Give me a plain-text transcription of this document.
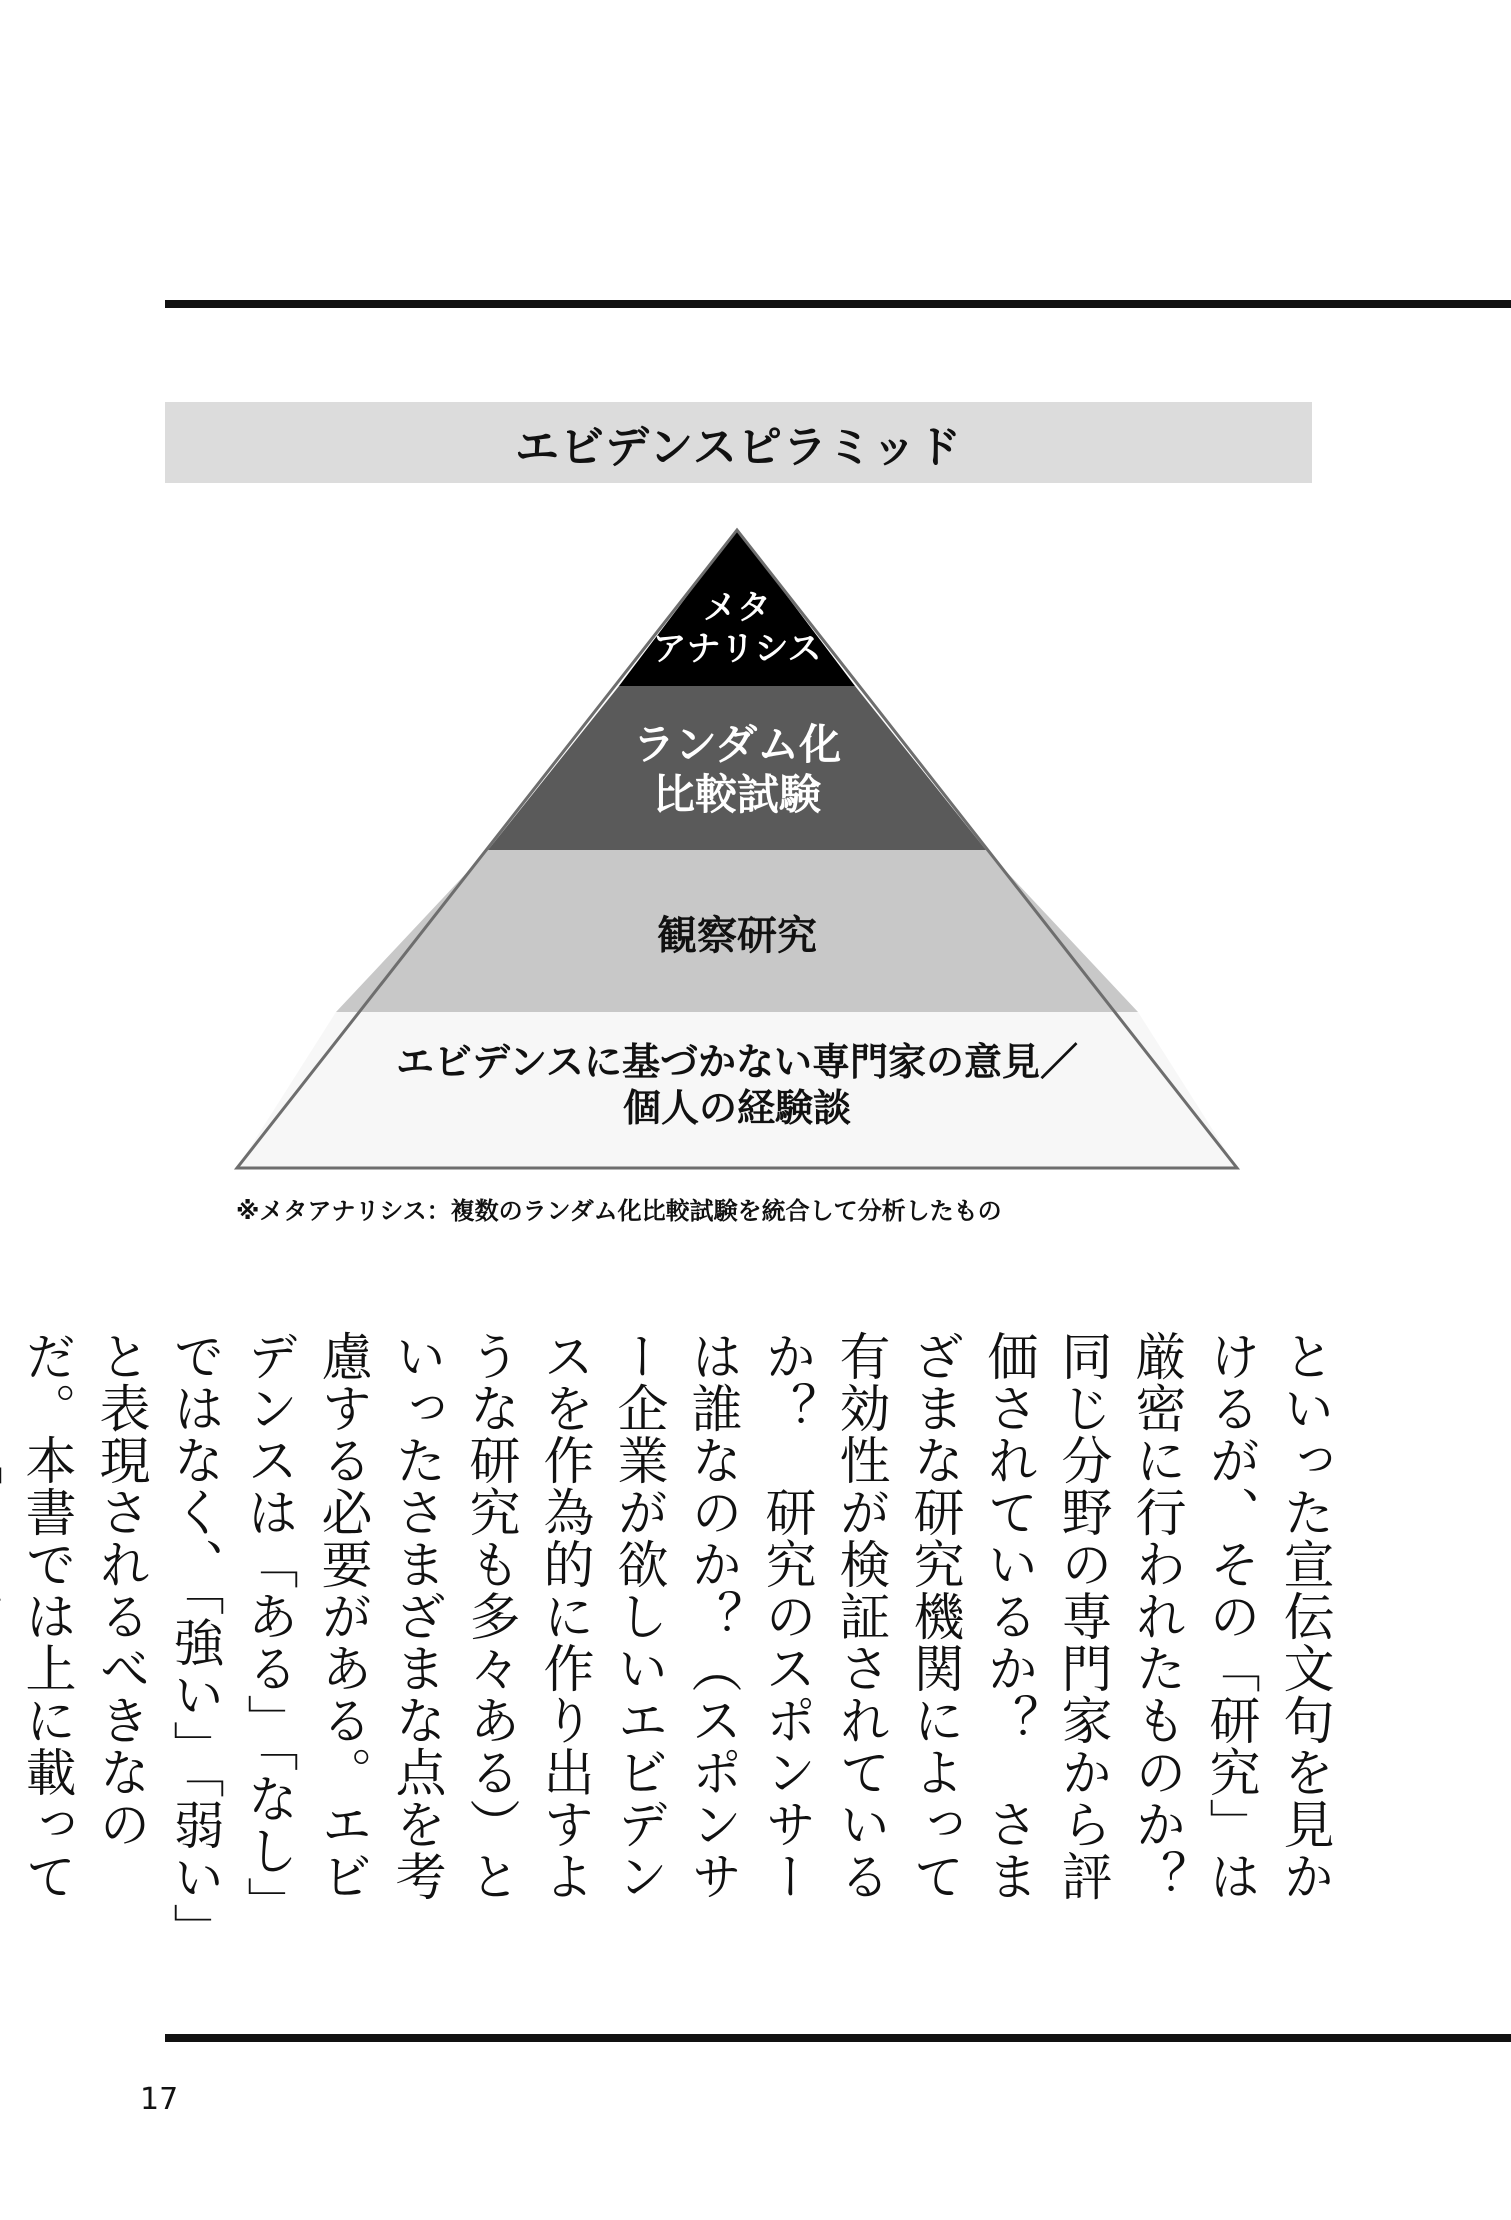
エビデンスピラミッド
メタ
アナリシス
ランダム化
比較試験
観察研究
エビデンスに基づかない専門家の意見／
個人の経験談
※メタアナリシス：複数のランダム化比較試験を統合して分析したもの

といった宣伝文句を見かけるが、その「研究」は厳密に行われたものか？　同じ分野の専門家から評価されているか？　さまざまな研究機関によって有効性が検証されているか？　研究のスポンサーは誰なのか？（スポンサー企業が欲しいエビデンスを作為的に作り出すような研究も多々ある）といったさまざまな点を考慮する必要がある。エビデンスは「ある」「なし」ではなく、「強い」「弱い」と表現されるべきなのだ。本書では上に載って

17
